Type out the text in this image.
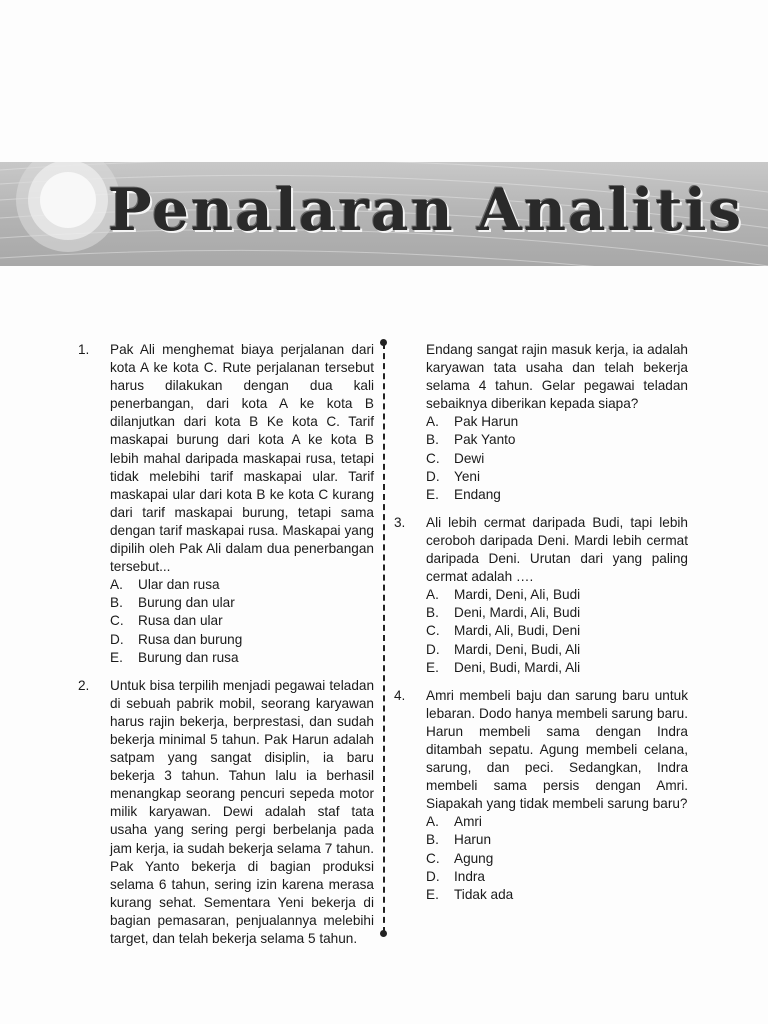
Penalaran Analitis
1.	Pak Ali menghemat biaya perjalanan dari kota A ke kota C. Rute perjalanan tersebut harus dilakukan dengan dua kali penerbangan, dari kota A ke kota B dilanjutkan dari kota B Ke kota C. Tarif maskapai burung dari kota A ke kota B lebih mahal daripada maskapai rusa, tetapi tidak melebihi tarif maskapai ular. Tarif maskapai ular dari kota B ke kota C kurang dari tarif maskapai burung, tetapi sama dengan tarif maskapai rusa. Maskapai yang dipilih oleh Pak Ali dalam dua penerbangan tersebut...
A. Ular dan rusa
B. Burung dan ular
C. Rusa dan ular
D. Rusa dan burung
E. Burung dan rusa
2.	Untuk bisa terpilih menjadi pegawai teladan di sebuah pabrik mobil, seorang karyawan harus rajin bekerja, berprestasi, dan sudah bekerja minimal 5 tahun. Pak Harun adalah satpam yang sangat disiplin, ia baru bekerja 3 tahun. Tahun lalu ia berhasil menangkap seorang pencuri sepeda motor milik karyawan. Dewi adalah staf tata usaha yang sering pergi berbelanja pada jam kerja, ia sudah bekerja selama 7 tahun. Pak Yanto bekerja di bagian produksi selama 6 tahun, sering izin karena merasa kurang sehat. Sementara Yeni bekerja di bagian pemasaran, penjualannya melebihi target, dan telah bekerja selama 5 tahun.
Endang sangat rajin masuk kerja, ia adalah karyawan tata usaha dan telah bekerja selama 4 tahun. Gelar pegawai teladan sebaiknya diberikan kepada siapa?
A. Pak Harun
B. Pak Yanto
C. Dewi
D. Yeni
E. Endang
3.	Ali lebih cermat daripada Budi, tapi lebih ceroboh daripada Deni. Mardi lebih cermat daripada Deni. Urutan dari yang paling cermat adalah ….
A. Mardi, Deni, Ali, Budi
B. Deni, Mardi, Ali, Budi
C. Mardi, Ali, Budi, Deni
D. Mardi, Deni, Budi, Ali
E. Deni, Budi, Mardi, Ali
4.	Amri membeli baju dan sarung baru untuk lebaran. Dodo hanya membeli sarung baru. Harun membeli sama dengan Indra ditambah sepatu. Agung membeli celana, sarung, dan peci. Sedangkan, Indra membeli sama persis dengan Amri. Siapakah yang tidak membeli sarung baru?
A. Amri
B. Harun
C. Agung
D. Indra
E. Tidak ada
